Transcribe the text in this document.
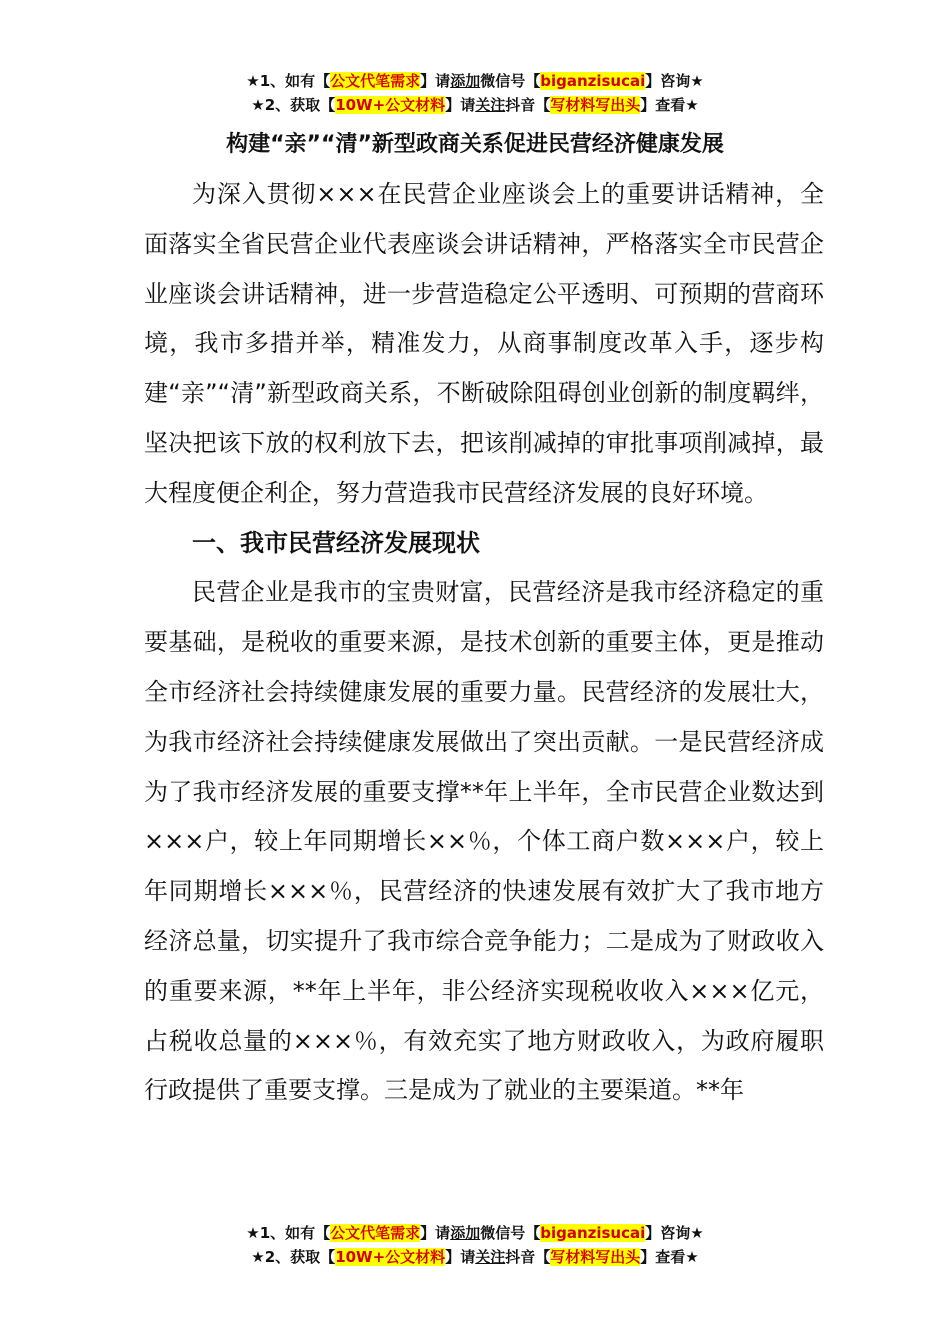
★1、如有【公文代笔需求】请添加微信号【biganzisucai】咨询★
★2、获取【10W+公文材料】请关注抖音【写材料写出头】查看★
构建“亲”“清”新型政商关系促进民营经济健康发展

为深入贯彻×××在民营企业座谈会上的重要讲话精神，全面落实全省民营企业代表座谈会讲话精神，严格落实全市民营企业座谈会讲话精神，进一步营造稳定公平透明、可预期的营商环境，我市多措并举，精准发力，从商事制度改革入手，逐步构建“亲”“清”新型政商关系，不断破除阻碍创业创新的制度羁绊，坚决把该下放的权利放下去，把该削减掉的审批事项削减掉，最大程度便企利企，努力营造我市民营经济发展的良好环境。

一、我市民营经济发展现状

民营企业是我市的宝贵财富，民营经济是我市经济稳定的重要基础，是税收的重要来源，是技术创新的重要主体，更是推动全市经济社会持续健康发展的重要力量。民营经济的发展壮大，为我市经济社会持续健康发展做出了突出贡献。一是民营经济成为了我市经济发展的重要支撑**年上半年，全市民营企业数达到×××户，较上年同期增长××％，个体工商户数×××户，较上年同期增长×××％，民营经济的快速发展有效扩大了我市地方经济总量，切实提升了我市综合竞争能力；二是成为了财政收入的重要来源，**年上半年，非公经济实现税收收入×××亿元，占税收总量的×××％，有效充实了地方财政收入，为政府履职行政提供了重要支撑。三是成为了就业的主要渠道。**年

★1、如有【公文代笔需求】请添加微信号【biganzisucai】咨询★
★2、获取【10W+公文材料】请关注抖音【写材料写出头】查看★
